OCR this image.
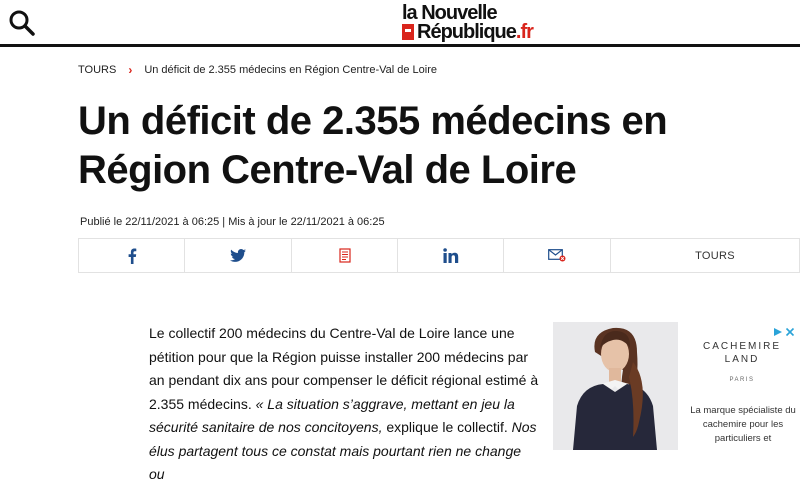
la Nouvelle
République .fr
TOURS › Un déficit de 2.355 médecins en Région Centre-Val de Loire
Un déficit de 2.355 médecins en Région Centre-Val de Loire
Publié le 22/11/2021 à 06:25 | Mis à jour le 22/11/2021 à 06:25
TOURS
Le collectif 200 médecins du Centre-Val de Loire lance une pétition pour que la Région puisse installer 200 médecins par an pendant dix ans pour compenser le déficit régional estimé à 2.355 médecins. « La situation s’aggrave, mettant en jeu la sécurité sanitaire de nos concitoyens, explique le collectif. Nos élus partagent tous ce constat mais pourtant rien ne change ou
CACHEMIRE LAND
PARIS
La marque spécialiste du cachemire pour les particuliers et
